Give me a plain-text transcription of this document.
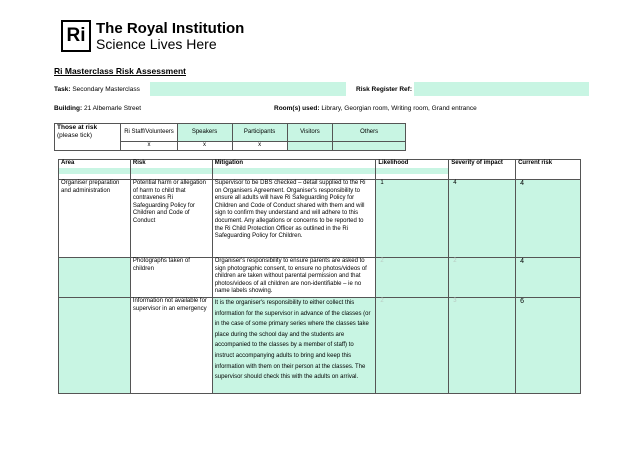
Ri The Royal Institution
Science Lives Here
Ri Masterclass Risk Assessment
Task: Secondary Masterclass	Risk Register Ref:
Building: 21 Albemarle Street	Room(s) used: Library, Georgian room, Writing room, Grand entrance
Those at risk
(please tick)	Ri Staff/Volunteers	Speakers	Participants	Visitors	Others
	x	x	x		
Area	Risk	Mitigation	Likelihood	Severity of impact	Current risk
Organiser preparation and administration	Potential harm or allegation of harm to child that contravenes Ri Safeguarding Policy for Children and Code of Conduct	Supervisor to be DBS checked – detail supplied to the Ri on Organisers Agreement. Organiser's responsibility to ensure all adults will have Ri Safeguarding Policy for Children and Code of Conduct shared with them and will sign to confirm they understand and will adhere to this document. Any allegations or concerns to be reported to the Ri Child Protection Officer as outlined in the Ri Safeguarding Policy for Children.	1	4	4
	Photographs taken of children	Organiser's responsibility to ensure parents are asked to sign photographic consent, to ensure no photos/videos of children are taken without parental permission and that photos/videos of all children are non-identifiable – ie no name labels showing.	2	2	4
	Information not available for supervisor in an emergency	It is the organiser's responsibility to either collect this information for the supervisor in advance of the classes (or in the case of some primary series where the classes take place during the school day and the students are accompanied to the classes by a member of staff) to instruct accompanying adults to bring and keep this information with them on their person at the classes. The supervisor should check this with the adults on arrival.	2	3	6
